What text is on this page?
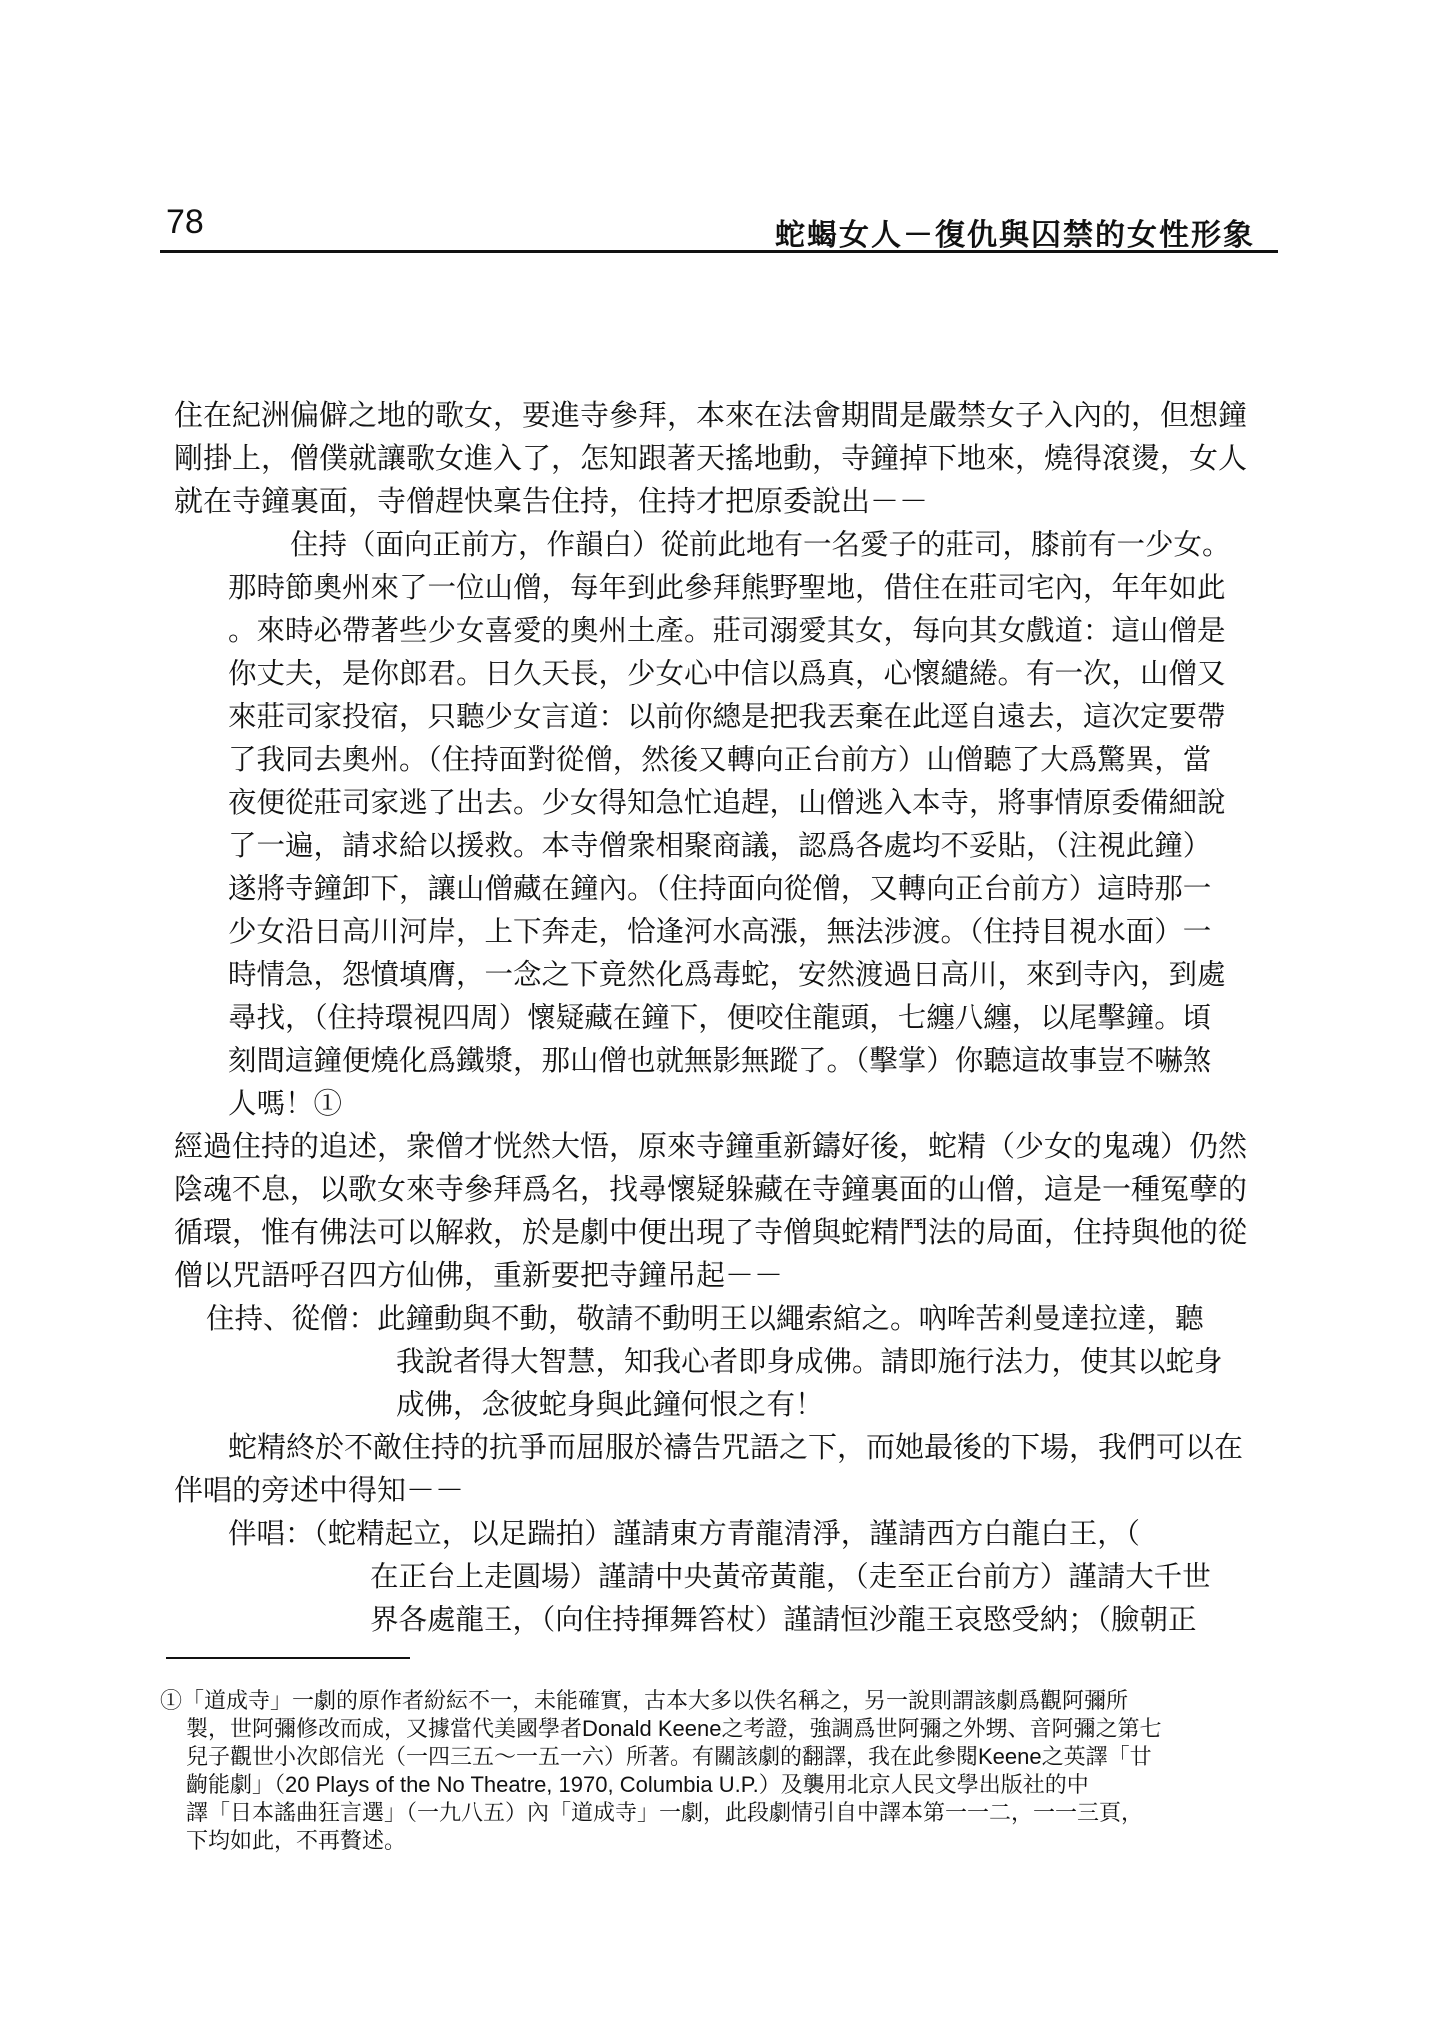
78	蛇蝎女人－復仇與囚禁的女性形象
住在紀洲偏僻之地的歌女，要進寺參拜，本來在法會期間是嚴禁女子入內的，但想鐘
剛掛上，僧僕就讓歌女進入了，怎知跟著天搖地動，寺鐘掉下地來，燒得滾燙，女人
就在寺鐘裏面，寺僧趕快稟告住持，住持才把原委說出－－
住持（面向正前方，作韻白）從前此地有一名愛子的莊司，膝前有一少女。
那時節奧州來了一位山僧，每年到此參拜熊野聖地，借住在莊司宅內，年年如此
。來時必帶著些少女喜愛的奧州土產。莊司溺愛其女，每向其女戲道：這山僧是
你丈夫，是你郎君。日久天長，少女心中信以爲真，心懷繾綣。有一次，山僧又
來莊司家投宿，只聽少女言道：以前你總是把我丟棄在此逕自遠去，這次定要帶
了我同去奧州。（住持面對從僧，然後又轉向正台前方）山僧聽了大爲驚異，當
夜便從莊司家逃了出去。少女得知急忙追趕，山僧逃入本寺，將事情原委備細說
了一遍，請求給以援救。本寺僧衆相聚商議，認爲各處均不妥貼，（注視此鐘）
遂將寺鐘卸下，讓山僧藏在鐘內。（住持面向從僧，又轉向正台前方）這時那一
少女沿日高川河岸，上下奔走，恰逢河水高漲，無法涉渡。（住持目視水面）一
時情急，怨憤填膺，一念之下竟然化爲毒蛇，安然渡過日高川，來到寺內，到處
尋找，（住持環視四周）懷疑藏在鐘下，便咬住龍頭，七纏八纏，以尾擊鐘。頃
刻間這鐘便燒化爲鐵漿，那山僧也就無影無蹤了。（擊掌）你聽這故事豈不嚇煞
人嗎！①
經過住持的追述，衆僧才恍然大悟，原來寺鐘重新鑄好後，蛇精（少女的鬼魂）仍然
陰魂不息，以歌女來寺參拜爲名，找尋懷疑躲藏在寺鐘裏面的山僧，這是一種冤孽的
循環，惟有佛法可以解救，於是劇中便出現了寺僧與蛇精鬥法的局面，住持與他的從
僧以咒語呼召四方仙佛，重新要把寺鐘吊起－－
住持、從僧：此鐘動與不動，敬請不動明王以繩索綰之。吶哞苦剎曼達拉達，聽
我說者得大智慧，知我心者即身成佛。請即施行法力，使其以蛇身
成佛，念彼蛇身與此鐘何恨之有！
蛇精終於不敵住持的抗爭而屈服於禱告咒語之下，而她最後的下場，我們可以在
伴唱的旁述中得知－－
伴唱：（蛇精起立，以足踹拍）謹請東方青龍清淨，謹請西方白龍白王，（
在正台上走圓場）謹請中央黃帝黃龍，（走至正台前方）謹請大千世
界各處龍王，（向住持揮舞笞杖）謹請恒沙龍王哀愍受納；（臉朝正
①「道成寺」一劇的原作者紛紜不一，未能確實，古本大多以佚名稱之，另一說則謂該劇爲觀阿彌所
製，世阿彌修改而成，又據當代美國學者Donald Keene之考證，強調爲世阿彌之外甥、音阿彌之第七
兒子觀世小次郎信光（一四三五～一五一六）所著。有關該劇的翻譯，我在此參閱Keene之英譯「廿
齣能劇」（20 Plays of the No Theatre, 1970, Columbia U.P.）及襲用北京人民文學出版社的中
譯「日本謠曲狂言選」（一九八五）內「道成寺」一劇，此段劇情引自中譯本第一一二，一一三頁，
下均如此，不再贅述。
